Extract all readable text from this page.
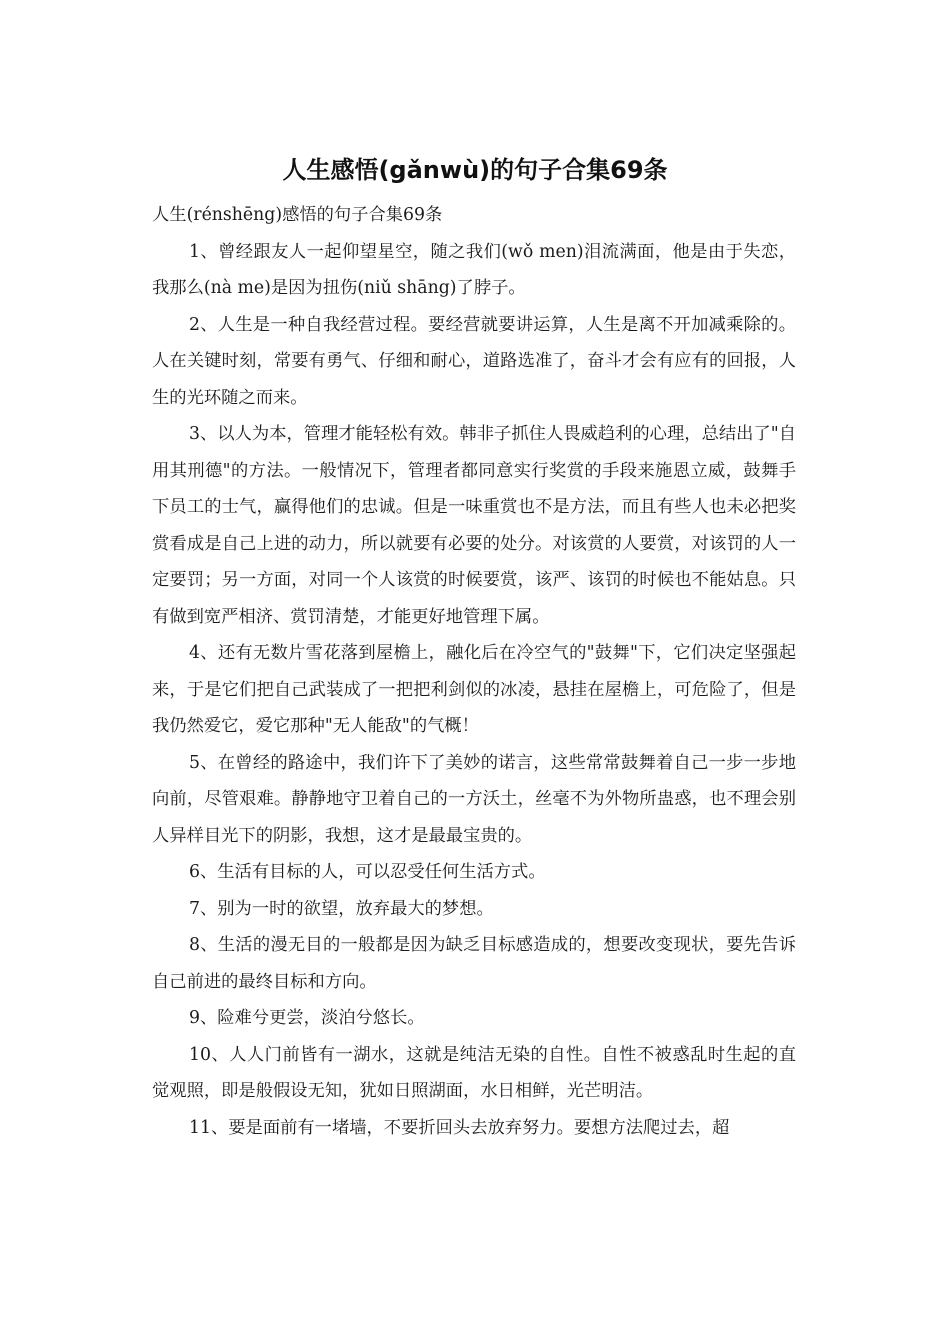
人生感悟(gǎnwù)的句子合集69条

人生(rénshēng)感悟的句子合集69条

1、曾经跟友人一起仰望星空，随之我们(wǒ men)泪流满面，他是由于失恋，我那么(nà me)是因为扭伤(niǔ shāng)了脖子。

2、人生是一种自我经营过程。要经营就要讲运算，人生是离不开加减乘除的。人在关键时刻，常要有勇气、仔细和耐心，道路选准了，奋斗才会有应有的回报，人生的光环随之而来。

3、以人为本，管理才能轻松有效。韩非子抓住人畏威趋利的心理，总结出了"自用其刑德"的方法。一般情况下，管理者都同意实行奖赏的手段来施恩立威，鼓舞手下员工的士气，赢得他们的忠诚。但是一味重赏也不是方法，而且有些人也未必把奖赏看成是自己上进的动力，所以就要有必要的处分。对该赏的人要赏，对该罚的人一定要罚；另一方面，对同一个人该赏的时候要赏，该严、该罚的时候也不能姑息。只有做到宽严相济、赏罚清楚，才能更好地管理下属。

4、还有无数片雪花落到屋檐上，融化后在冷空气的"鼓舞"下，它们决定坚强起来，于是它们把自己武装成了一把把利剑似的冰凌，悬挂在屋檐上，可危险了，但是我仍然爱它，爱它那种"无人能敌"的气概！

5、在曾经的路途中，我们许下了美妙的诺言，这些常常鼓舞着自己一步一步地向前，尽管艰难。静静地守卫着自己的一方沃土，丝毫不为外物所蛊惑，也不理会别人异样目光下的阴影，我想，这才是最最宝贵的。

6、生活有目标的人，可以忍受任何生活方式。

7、别为一时的欲望，放弃最大的梦想。

8、生活的漫无目的一般都是因为缺乏目标感造成的，想要改变现状，要先告诉自己前进的最终目标和方向。

9、险难兮更尝，淡泊兮悠长。

10、人人门前皆有一湖水，这就是纯洁无染的自性。自性不被惑乱时生起的直觉观照，即是般假设无知，犹如日照湖面，水日相鲜，光芒明洁。

11、要是面前有一堵墙，不要折回头去放弃努力。要想方法爬过去，超
